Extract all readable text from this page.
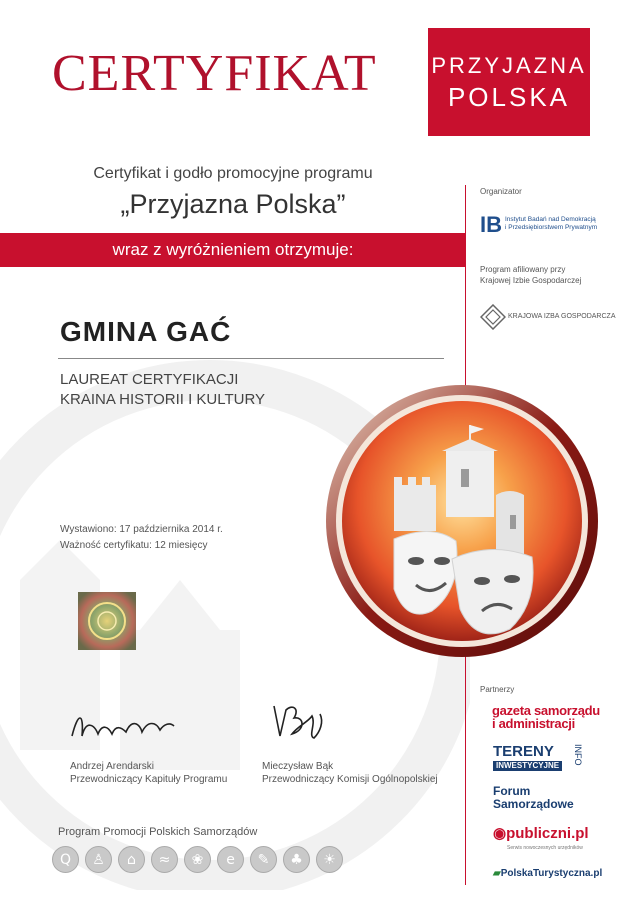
CERTYFIKAT PRZYJAZNA
POLSKA
Certyfikat i godło promocyjne programu
„Przyjazna Polska”
wraz z wyróżnieniem otrzymuje:
GMINA GAĆ
LAUREAT CERTYFIKACJI
KRAINA HISTORII I KULTURY
Wystawiono: 17 października 2014 r.
Ważność certyfikatu: 12 miesięcy
Andrzej Arendarski
Przewodniczący Kapituły Programu
Mieczysław Bąk
Przewodniczący Komisji Ogólnopolskiej
Program Promocji Polskich Samorządów
Q	♙	⌂	≈	❀	e	✎	♣	☀
Organizator
IB Instytut Badań nad Demokracją
i Przedsiębiorstwem Prywatnym
Program afiliowany przy
Krajowej Izbie Gospodarczej
KRAJOWA IZBA GOSPODARCZA
Partnerzy
gazeta samorządu
i administracji
TERENY
INWESTYCYJNE	INFO
Forum
Samorządowe
◉publiczni.pl
Serwis nowoczesnych urzędników
▰PolskaTurystyczna.pl
